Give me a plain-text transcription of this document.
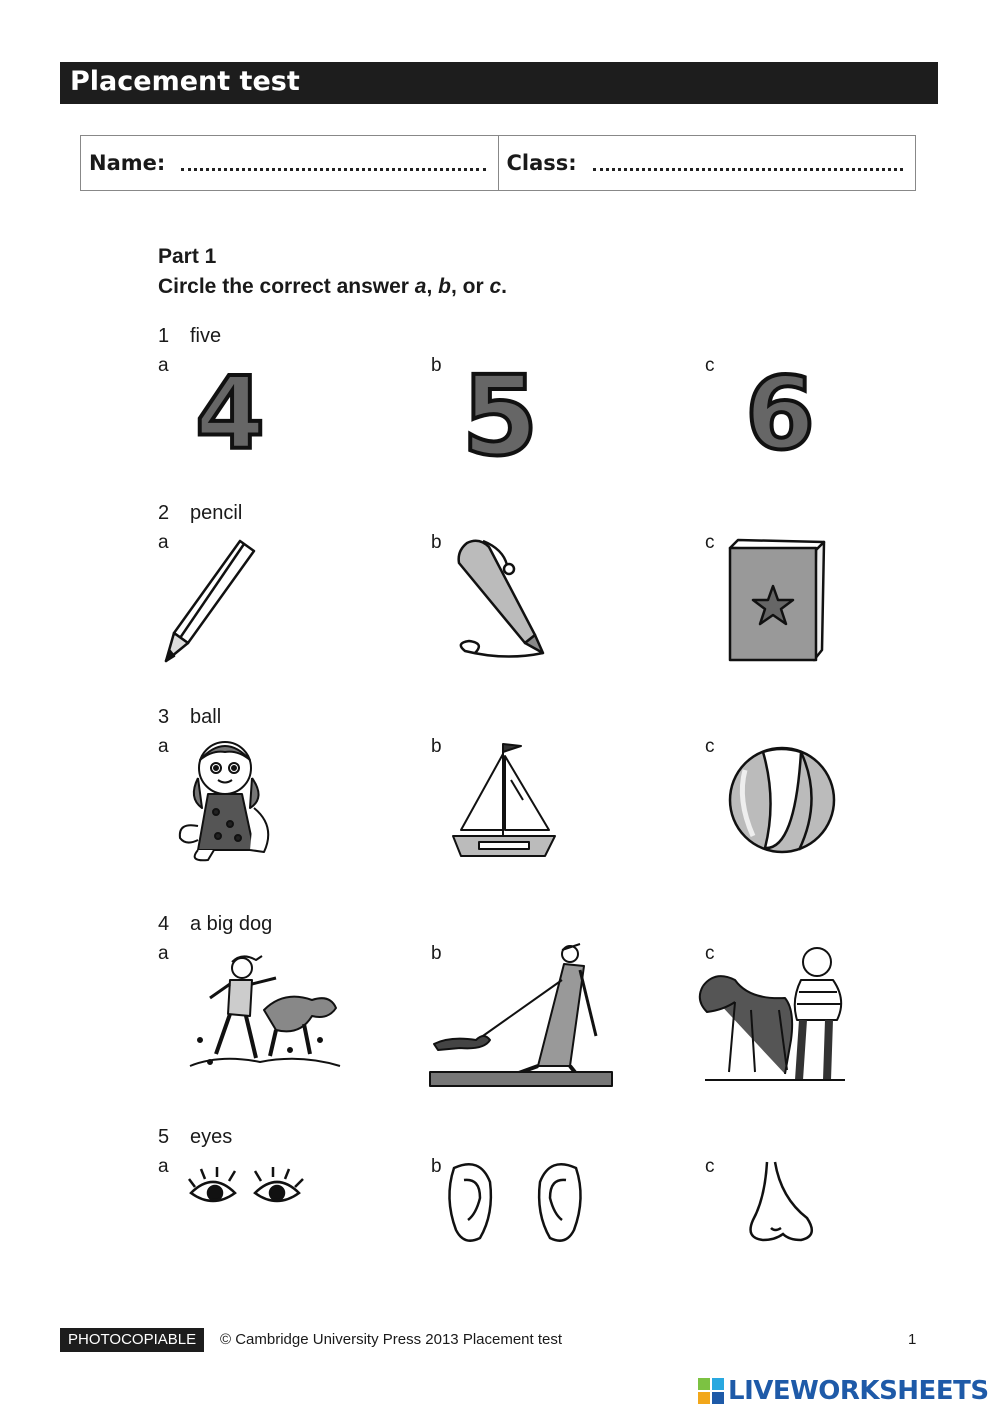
Placement test
Name:	Class:
Part 1
Circle the correct answer a, b, or c.
1 five
a	b	c
4 5 6
2 pencil
a	b	c
3 ball
a	b	c
4 a big dog
a	b	c
5 eyes
a	b	c
PHOTOCOPIABLE	© Cambridge University Press 2013 Placement test	1
LIVEWORKSHEETS
